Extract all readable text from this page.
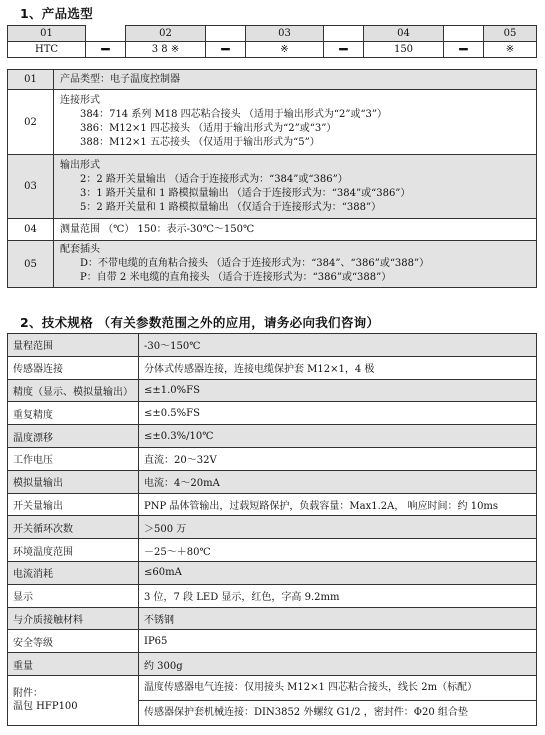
1、产品选型
01		02		03		04		05
HTC	━	3 8 ※	━	※	━	150	━	※
01	产品类型：电子温度控制器
02	连接形式
384：714 系列 M18 四芯粘合接头 （适用于输出形式为“2”或“3”）
386：M12×1 四芯接头 （适用于输出形式为“2”或“3”）
388：M12×1 五芯接头 （仅适用于输出形式为“5”）

03	输出形式
2：2 路开关量输出 （适合于连接形式为：“384”或“386”）
3：1 路开关量和 1 路模拟量输出 （适合于连接形式为：“384”或“386”）
5：2 路开关量和 1 路模拟量输出 （仅适合于连接形式为：“388”）

04	测量范围 （℃） 150：表示-30℃～150℃
05	配套插头
D：不带电缆的直角粘合接头 （适合于连接形式为：“384”、“386”或“388”）
P：自带 2 米电缆的直角接头 （适合于连接形式为：“386”或“388”）
2、技术规格 （有关参数范围之外的应用，请务必向我们咨询）
量程范围	-30～150℃
传感器连接	分体式传感器连接，连接电缆保护套 M12×1，4 极
精度（显示、模拟量输出）	≤±1.0%FS
重复精度	≤±0.5%FS
温度漂移	≤±0.3%/10℃
工作电压	直流：20～32V
模拟量输出	电流：4～20mA
开关量输出	PNP 晶体管输出，过载短路保护，负载容量：Max1.2A， 响应时间：约 10ms
开关循环次数	＞500 万
环境温度范围	－25～＋80℃
电流消耗	≤60mA
显示	3 位，7 段 LED 显示，红色，字高 9.2mm
与介质接触材料	不锈钢
安全等级	IP65
重量	约 300g

附件：
温包 HFP100	温度传感器电气连接：仅用接头 M12×1 四芯粘合接头，线长 2m（标配）
	传感器保护套机械连接：DIN3852 外螺纹 G1/2 ，密封件：Φ20 组合垫
